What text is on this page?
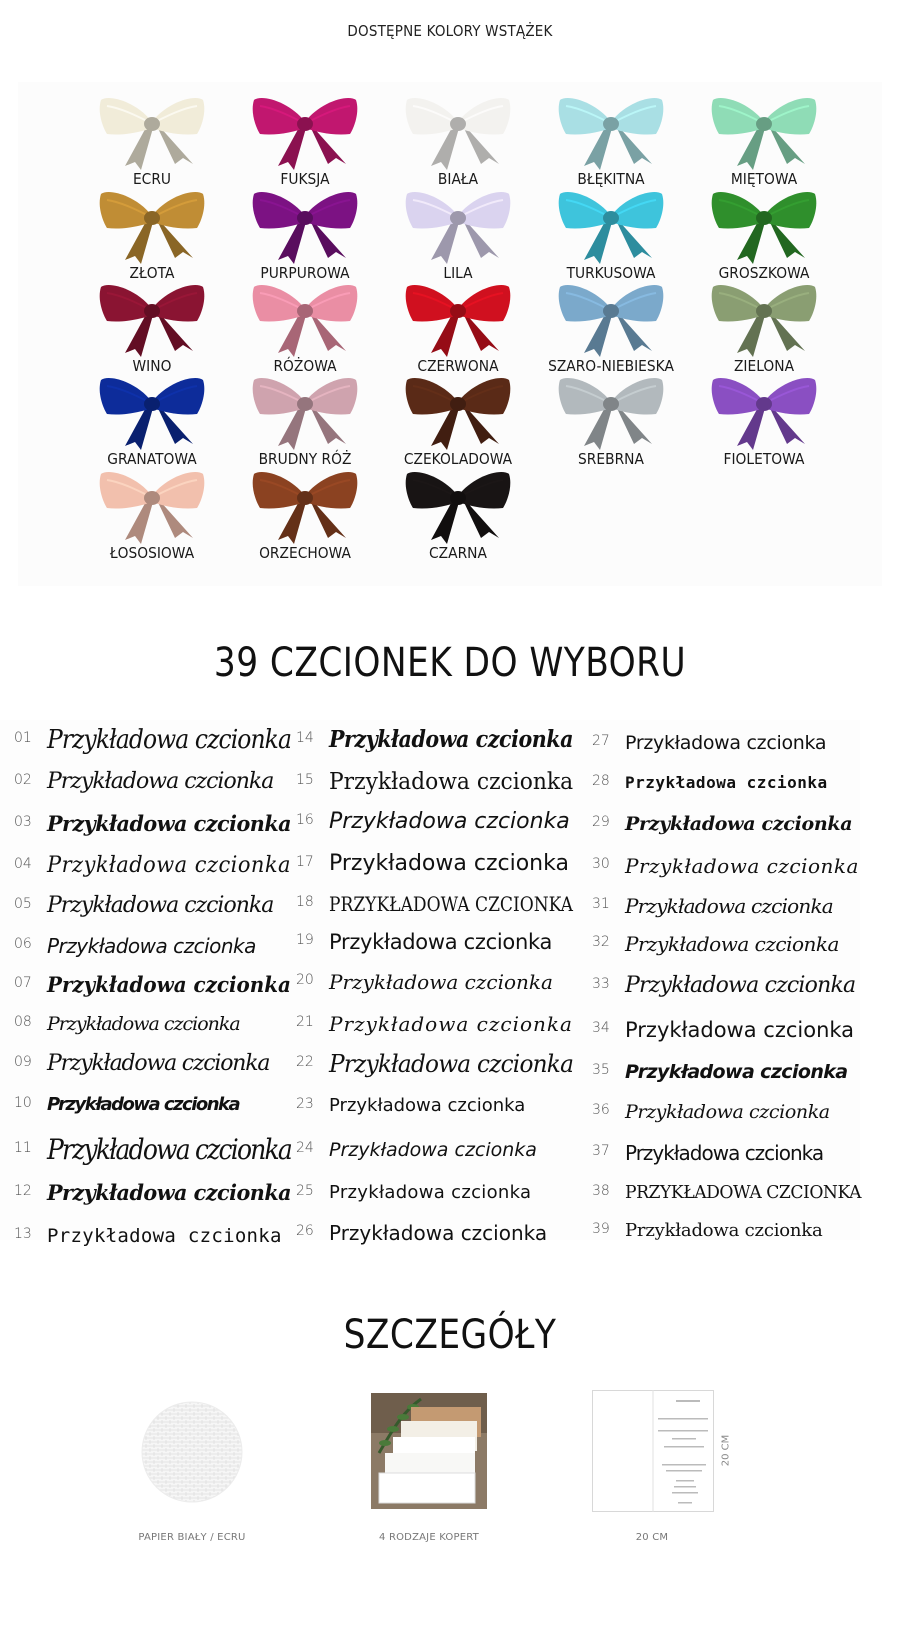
DOSTĘPNE KOLORY WSTĄŻEK
ECRU	FUKSJA	BIAŁA	BŁĘKITNA	MIĘTOWA
ZŁOTA	PURPUROWA	LILA	TURKUSOWA	GROSZKOWA
WINO	RÓŻOWA	CZERWONA	SZARO-NIEBIESKA	ZIELONA
GRANATOWA	BRUDNY RÓŻ	CZEKOLADOWA	SREBRNA	FIOLETOWA
ŁOSOSIOWA	ORZECHOWA	CZARNA
39 CZCIONEK DO WYBORU
01 Przykładowa czcionka
02 Przykładowa czcionka
03 Przykładowa czcionka
04 Przykładowa czcionka
05 Przykładowa czcionka
06 Przykładowa czcionka
07 Przykładowa czcionka
08 Przykładowa czcionka
09 Przykładowa czcionka
10 Przykładowa czcionka
11 Przykładowa czcionka
12 Przykładowa czcionka
13 Przykładowa czcionka
14 Przykładowa czcionka
15 Przykładowa czcionka
16 Przykładowa czcionka
17 Przykładowa czcionka
18 PRZYKŁADOWA CZCIONKA
19 Przykładowa czcionka
20 Przykładowa czcionka
21 Przykładowa czcionka
22 Przykładowa czcionka
23 Przykładowa czcionka
24 Przykładowa czcionka
25 Przykładowa czcionka
26 Przykładowa czcionka
27 Przykładowa czcionka
28 Przykładowa czcionka
29 Przykładowa czcionka
30 Przykładowa czcionka
31 Przykładowa czcionka
32 Przykładowa czcionka
33 Przykładowa czcionka
34 Przykładowa czcionka
35 Przykładowa czcionka
36 Przykładowa czcionka
37 Przykładowa czcionka
38 PRZYKŁADOWA CZCIONKA
39 Przykładowa czcionka
SZCZEGÓŁY
PAPIER BIAŁY / ECRU	4 RODZAJE KOPERT
20 CM
20 CM
